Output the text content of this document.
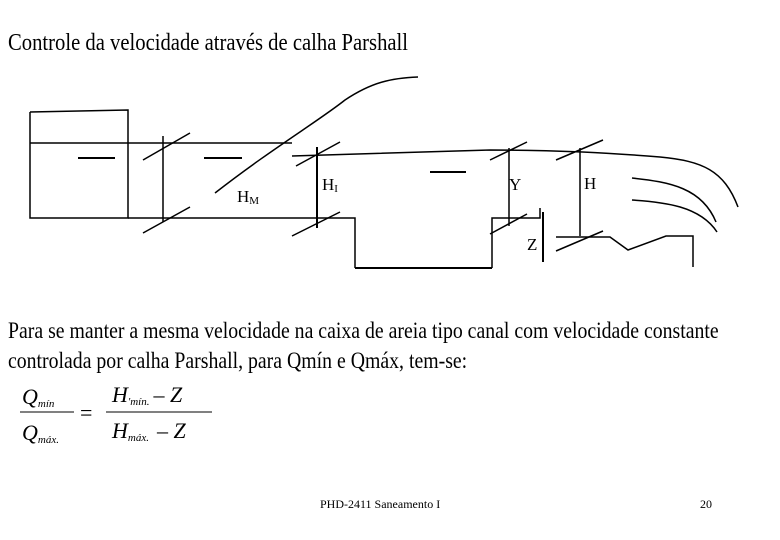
Controle da velocidade através de calha Parshall
HM
HI	Y	H
Z
Para se manter a mesma velocidade na caixa de areia tipo canal com velocidade constante
controlada por calha Parshall, para Qmín e Qmáx, tem-se:
Qmín
Qmáx.
H'mín. – Z
Hmáx. – Z
=
PHD-2411 Saneamento I	20
